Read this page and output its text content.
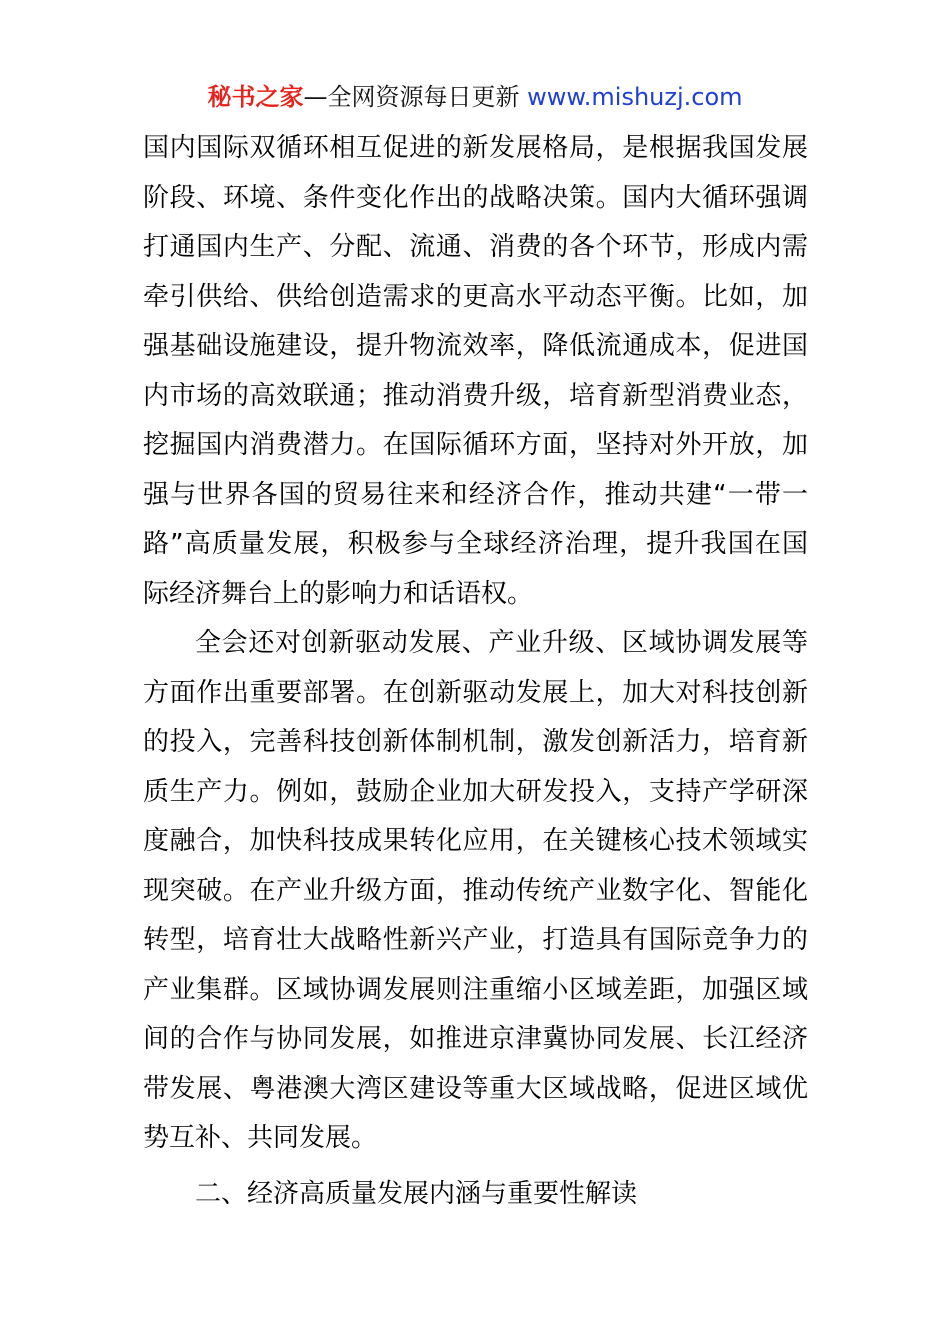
秘书之家—全网资源每日更新 www.mishuzj.com
国内国际双循环相互促进的新发展格局，是根据我国发展
阶段、环境、条件变化作出的战略决策。国内大循环强调
打通国内生产、分配、流通、消费的各个环节，形成内需
牵引供给、供给创造需求的更高水平动态平衡。比如，加
强基础设施建设，提升物流效率，降低流通成本，促进国
内市场的高效联通；推动消费升级，培育新型消费业态，
挖掘国内消费潜力。在国际循环方面，坚持对外开放，加
强与世界各国的贸易往来和经济合作，推动共建“一带一
路”高质量发展，积极参与全球经济治理，提升我国在国
际经济舞台上的影响力和话语权。
全会还对创新驱动发展、产业升级、区域协调发展等
方面作出重要部署。在创新驱动发展上，加大对科技创新
的投入，完善科技创新体制机制，激发创新活力，培育新
质生产力。例如，鼓励企业加大研发投入，支持产学研深
度融合，加快科技成果转化应用，在关键核心技术领域实
现突破。在产业升级方面，推动传统产业数字化、智能化
转型，培育壮大战略性新兴产业，打造具有国际竞争力的
产业集群。区域协调发展则注重缩小区域差距，加强区域
间的合作与协同发展，如推进京津冀协同发展、长江经济
带发展、粤港澳大湾区建设等重大区域战略，促进区域优
势互补、共同发展。
二、经济高质量发展内涵与重要性解读
